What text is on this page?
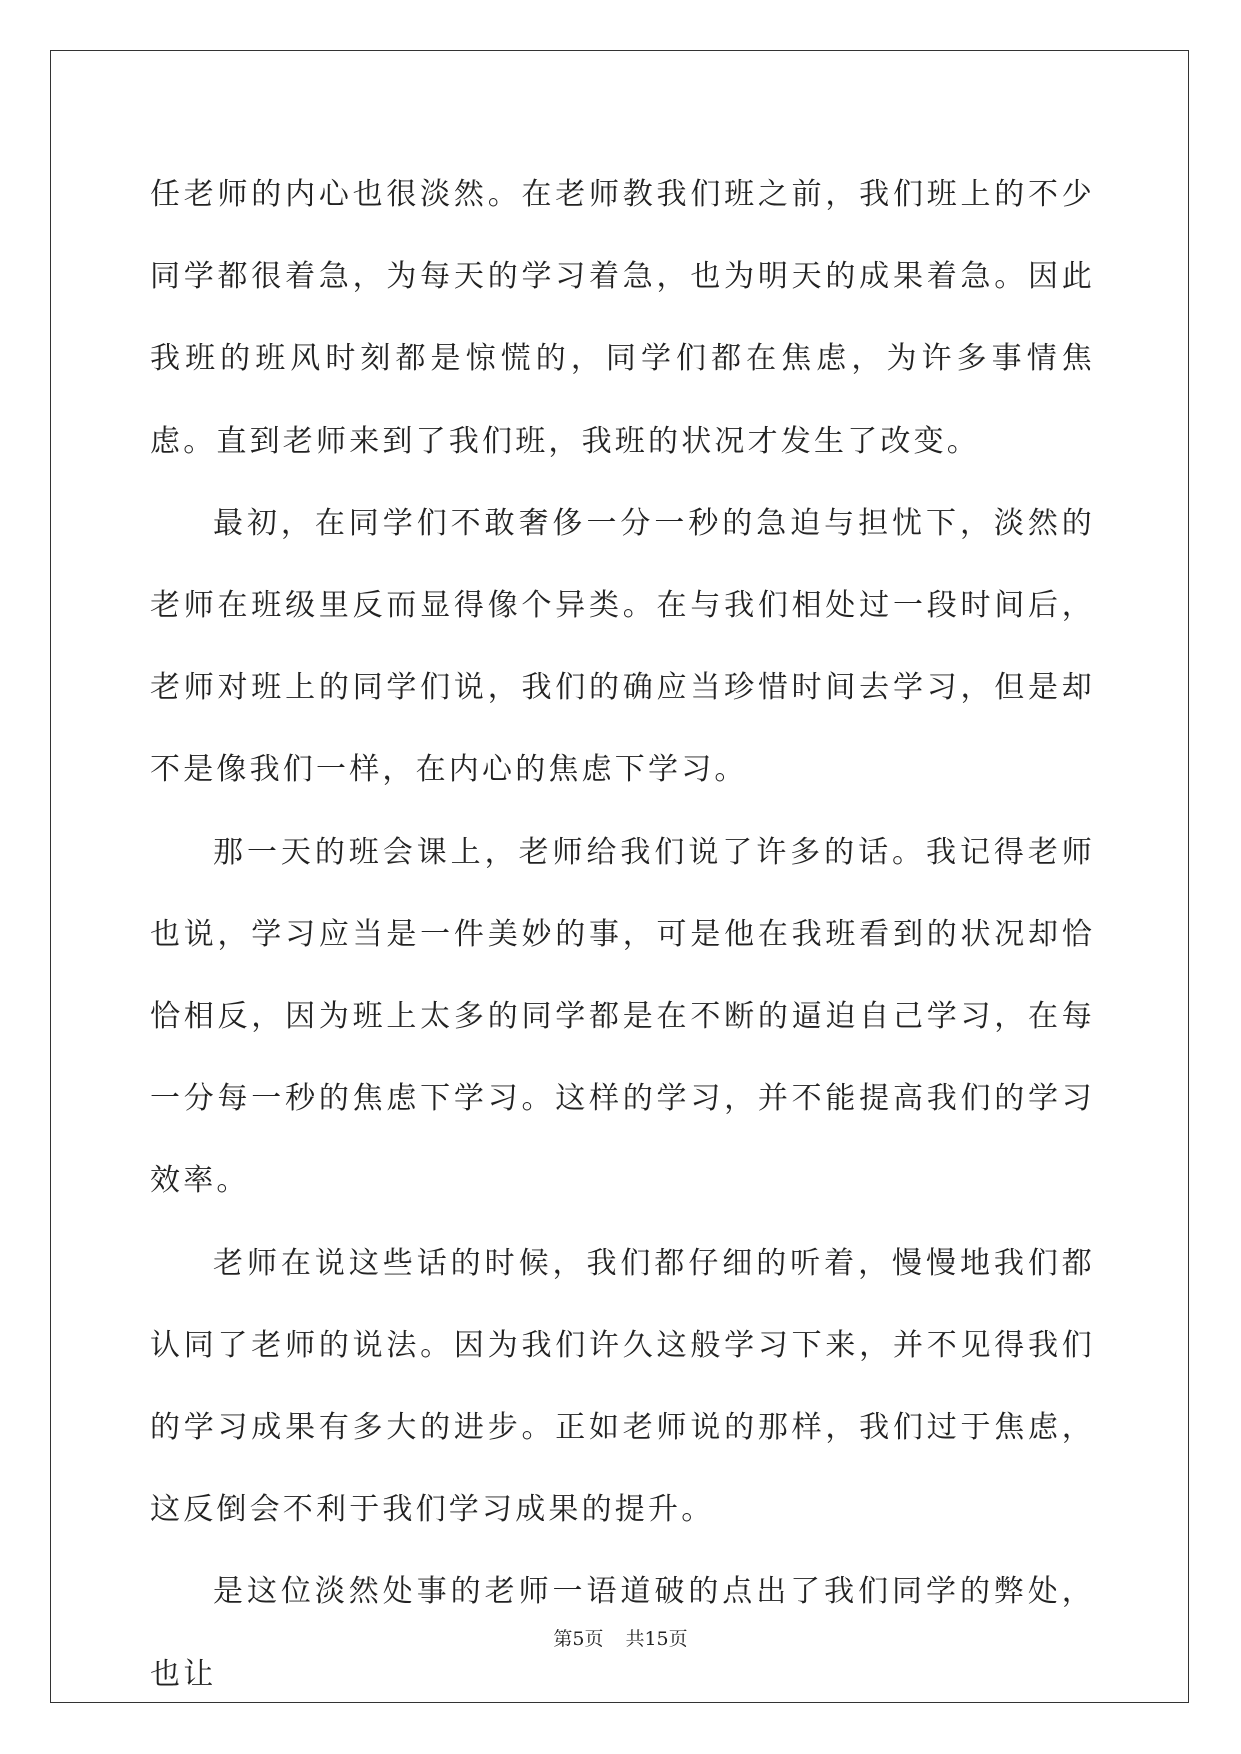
任老师的内心也很淡然。在老师教我们班之前，我们班上的不少同学都很着急，为每天的学习着急，也为明天的成果着急。因此我班的班风时刻都是惊慌的，同学们都在焦虑，为许多事情焦虑。直到老师来到了我们班，我班的状况才发生了改变。

最初，在同学们不敢奢侈一分一秒的急迫与担忧下，淡然的老师在班级里反而显得像个异类。在与我们相处过一段时间后，老师对班上的同学们说，我们的确应当珍惜时间去学习，但是却不是像我们一样，在内心的焦虑下学习。

那一天的班会课上，老师给我们说了许多的话。我记得老师也说，学习应当是一件美妙的事，可是他在我班看到的状况却恰恰相反，因为班上太多的同学都是在不断的逼迫自己学习，在每一分每一秒的焦虑下学习。这样的学习，并不能提高我们的学习效率。

老师在说这些话的时候，我们都仔细的听着，慢慢地我们都认同了老师的说法。因为我们许久这般学习下来，并不见得我们的学习成果有多大的进步。正如老师说的那样，我们过于焦虑，这反倒会不利于我们学习成果的提升。

是这位淡然处事的老师一语道破的点出了我们同学的弊处，也让

第5页 共15页
